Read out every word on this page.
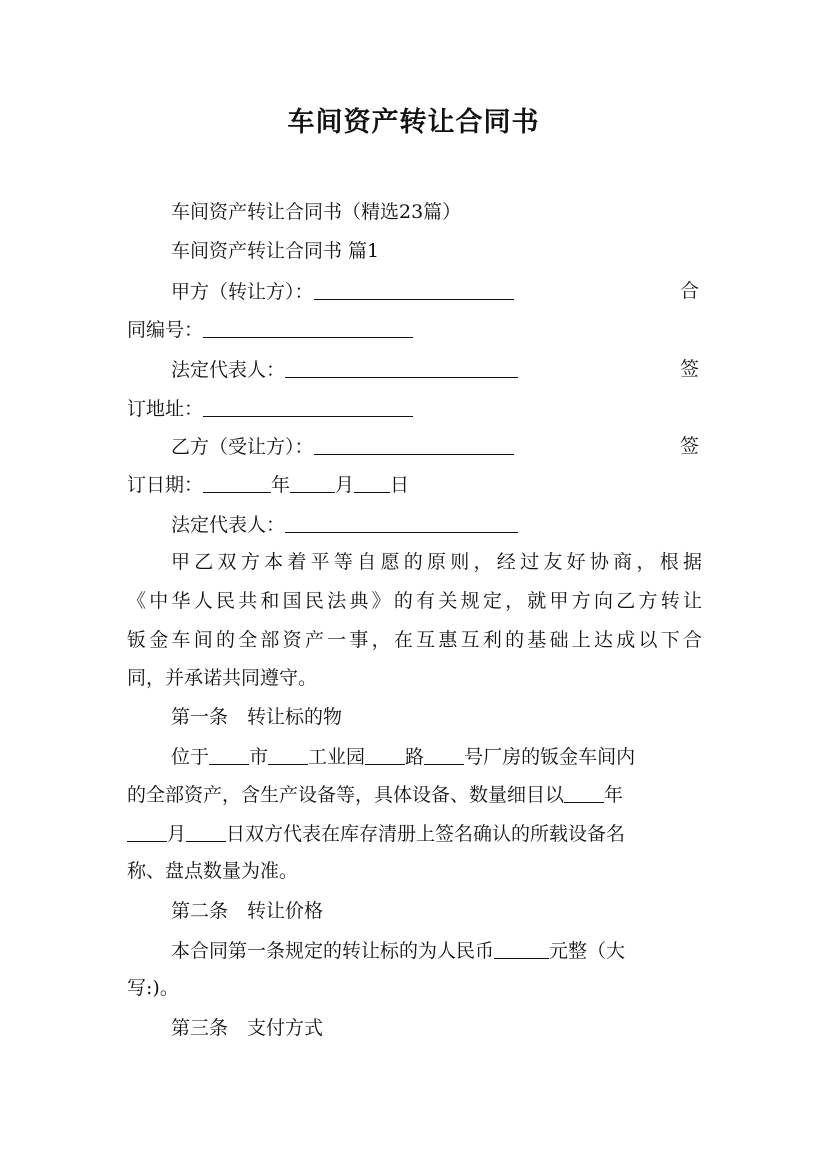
车间资产转让合同书
车间资产转让合同书（精选23篇）
车间资产转让合同书 篇1
甲方（转让方）：	合
同编号：
法定代表人：	签
订地址：
乙方（受让方）：	签
订日期：	年 月 日
法定代表人：
甲乙双方本着平等自愿的原则，经过友好协商，根据
《中华人民共和国民法典》的有关规定，就甲方向乙方转让
钣金车间的全部资产一事，在互惠互利的基础上达成以下合
同，并承诺共同遵守。
第一条　转让标的物
位于 市 工业园 路 号厂房的钣金车间内
的全部资产，含生产设备等，具体设备、数量细目以 年
月 日双方代表在库存清册上签名确认的所载设备名
称、盘点数量为准。
第二条　转让价格
本合同第一条规定的转让标的为人民币	元整（大
写:)。
第三条　支付方式
